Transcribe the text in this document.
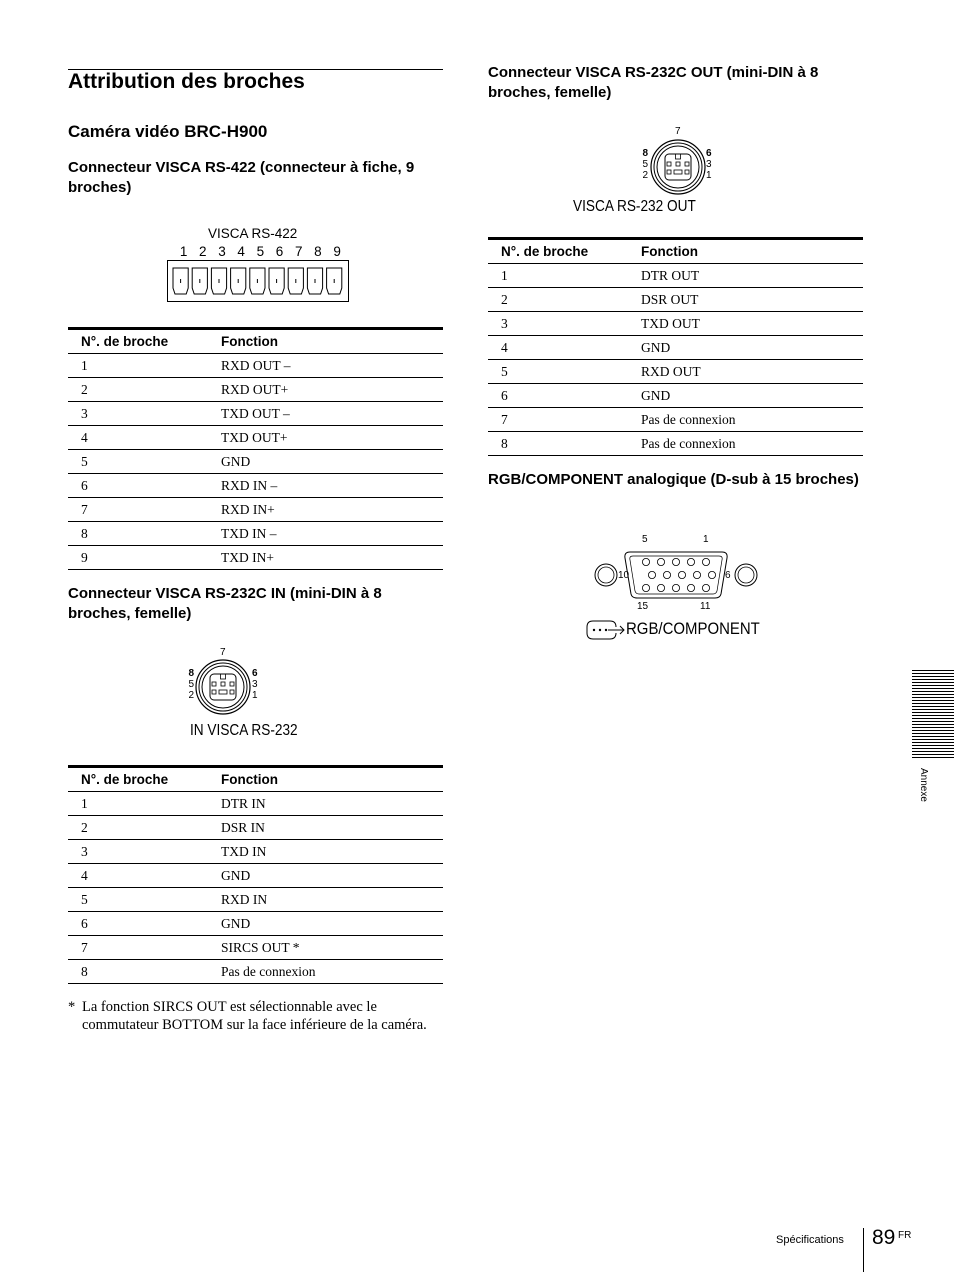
Attribution des broches
Caméra vidéo BRC-H900
Connecteur VISCA RS-422 (connecteur à fiche, 9 broches)
VISCA RS-422
1 2 3 4 5 6 7 8 9
N°. de broche	Fonction
1	RXD OUT –
2	RXD OUT+
3	TXD OUT –
4	TXD OUT+
5	GND
6	RXD IN –
7	RXD IN+
8	TXD IN –
9	TXD IN+
Connecteur VISCA RS-232C IN (mini-DIN à 8 broches, femelle)
7
8
5
2
6
3
1
IN VISCA RS-232
N°. de broche	Fonction
1	DTR IN
2	DSR IN
3	TXD IN
4	GND
5	RXD IN
6	GND
7	SIRCS OUT *
8	Pas de connexion
* La fonction SIRCS OUT est sélectionnable avec le commutateur BOTTOM sur la face inférieure de la caméra.
Connecteur VISCA RS-232C OUT (mini-DIN à 8 broches, femelle)
7
8
5
2
6
3
1
VISCA RS-232 OUT
N°. de broche	Fonction
1	DTR OUT
2	DSR OUT
3	TXD OUT
4	GND
5	RXD OUT
6	GND
7	Pas de connexion
8	Pas de connexion
RGB/COMPONENT analogique (D-sub à 15 broches)
5	1
10	6
15	11
RGB/COMPONENT
Annexe
Spécifications 89 FR
